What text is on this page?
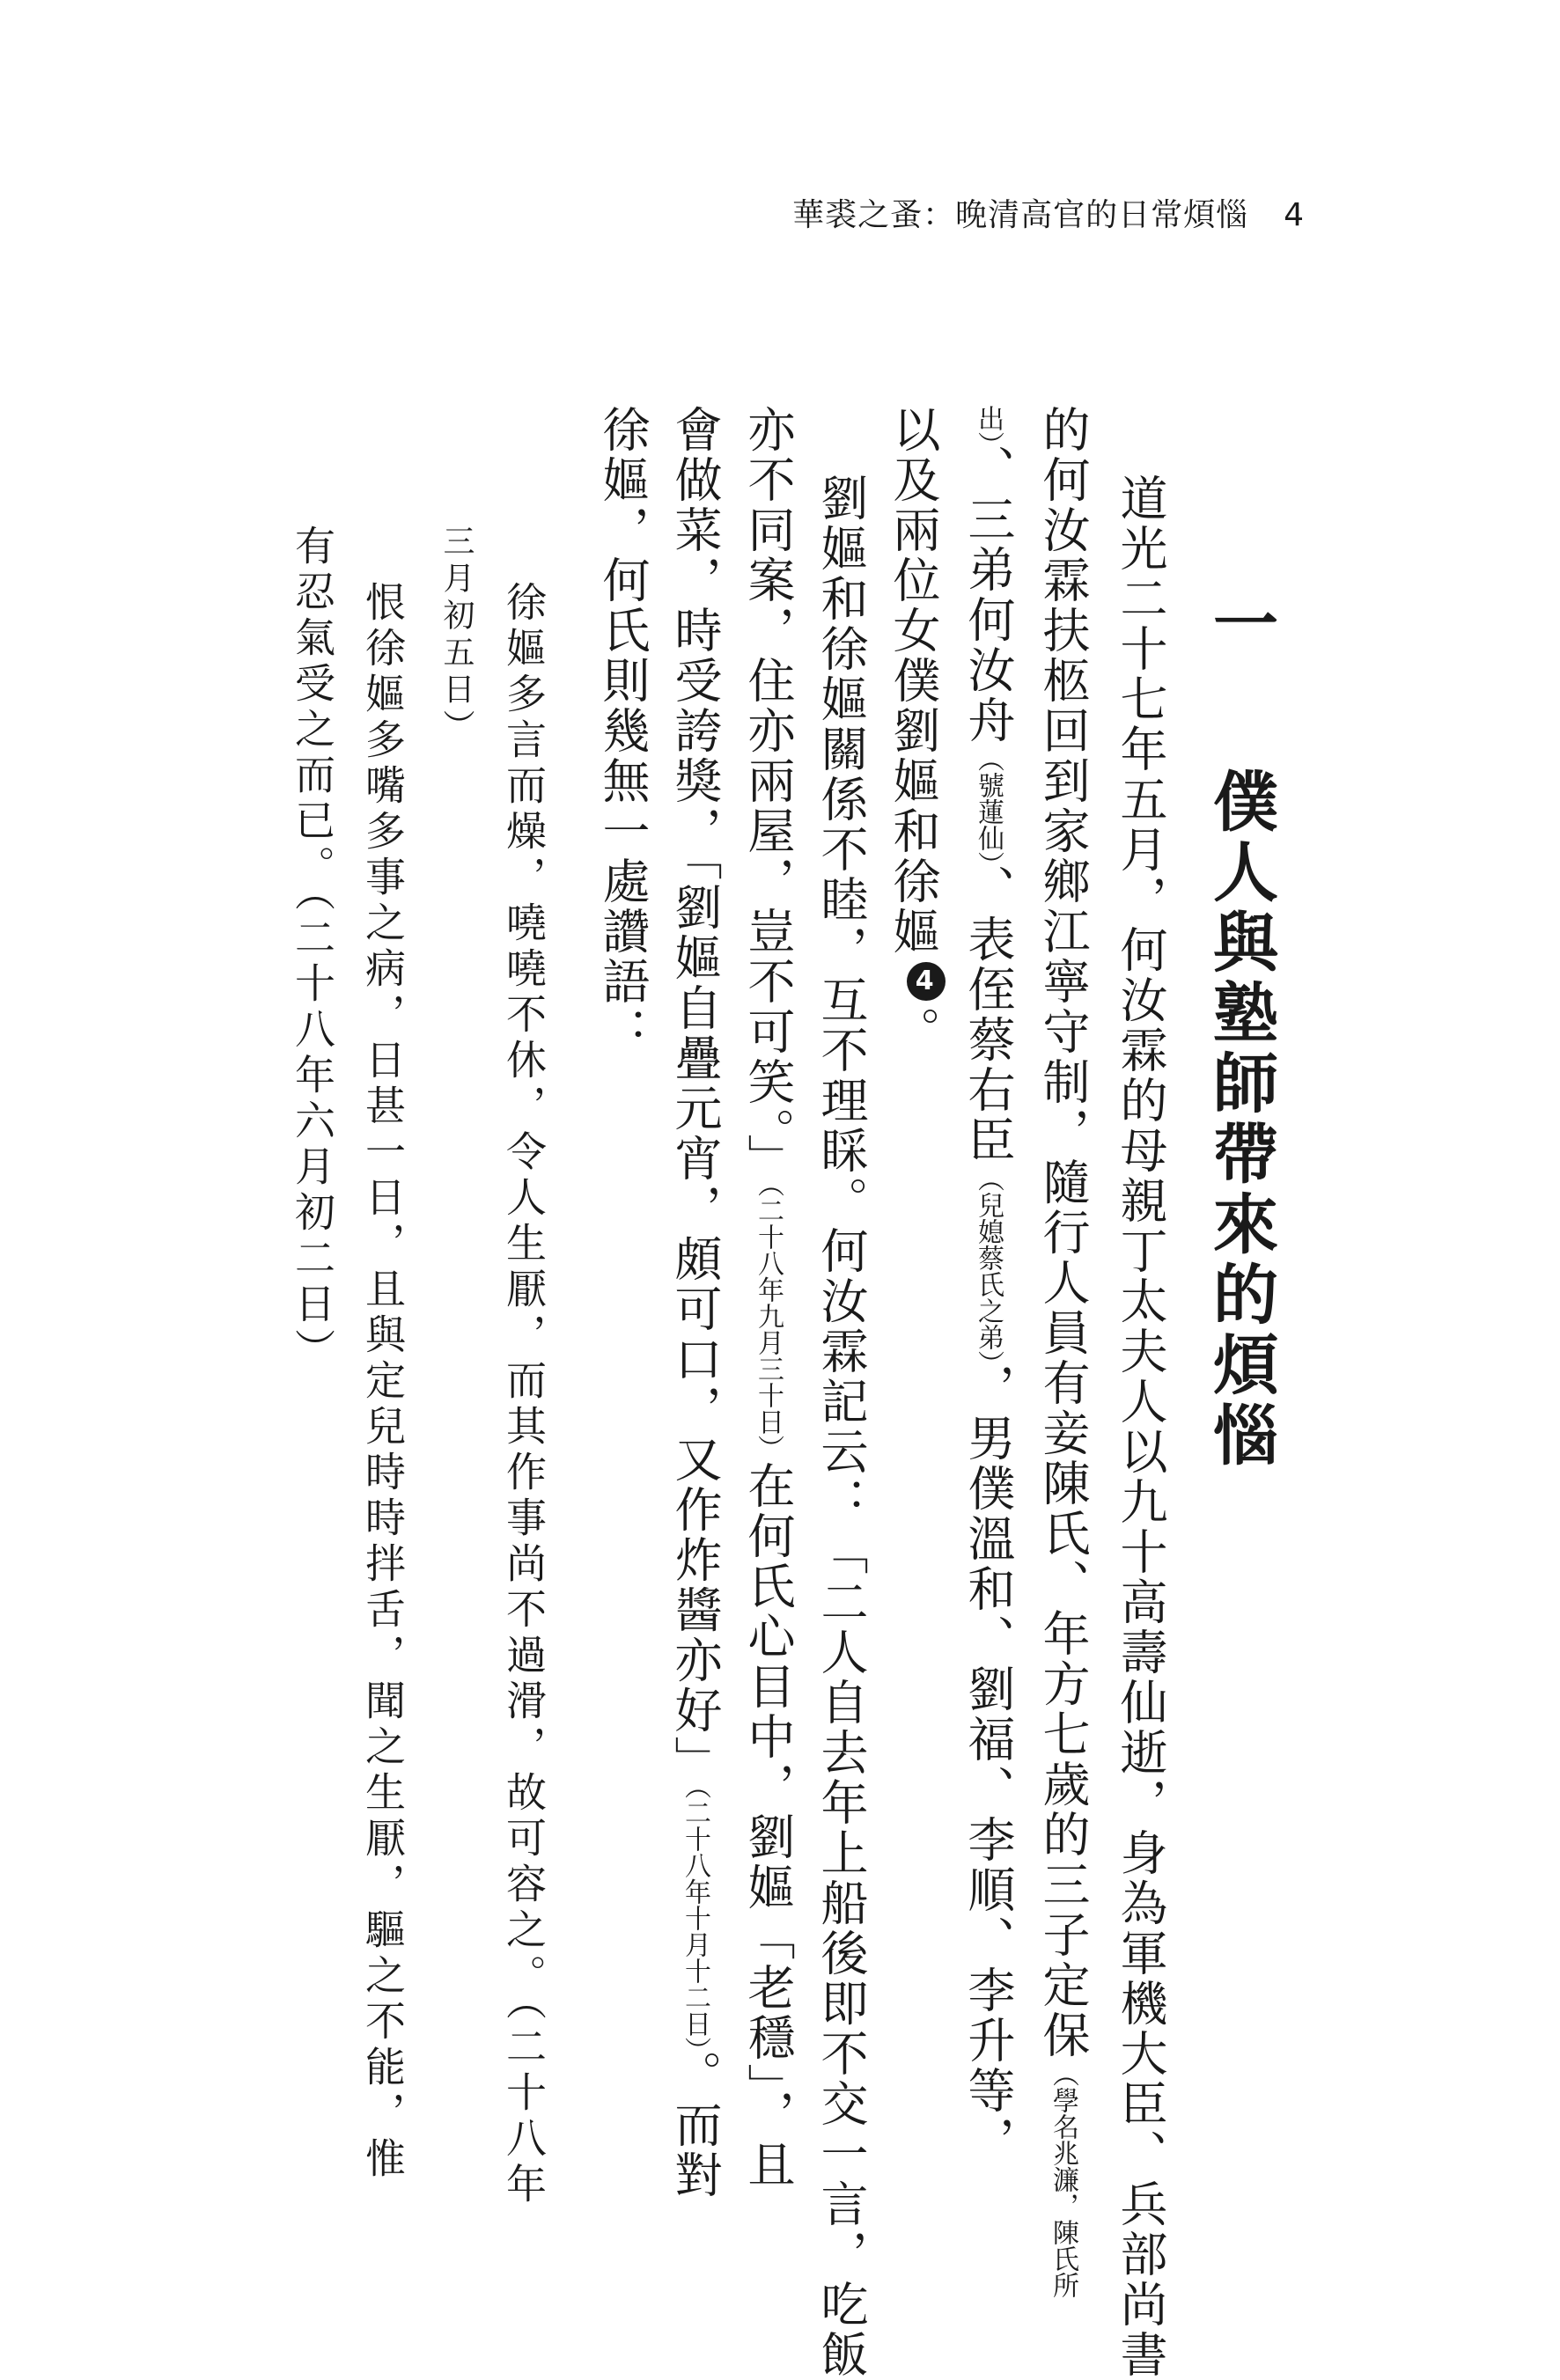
華裘之蚤：晚清高官的日常煩惱 4
一 僕人與塾師帶來的煩惱
道光二十七年五月，何汝霖的母親丁太夫人以九十高壽仙逝，身為軍機大臣、兵部尚書
的何汝霖扶柩回到家鄉江寧守制，隨行人員有妾陳氏、年方七歲的三子定保（學名兆濂，陳氏所
出）、三弟何汝舟（號蓮仙）、表侄蔡右臣（兒媳蔡氏之弟），男僕溫和、劉福、李順、李升等，
以及兩位女僕劉嫗和徐嫗4。
劉嫗和徐嫗關係不睦，互不理睬。何汝霖記云：「二人自去年上船後即不交一言，吃飯
亦不同案，住亦兩屋，豈不可笑。」（二十八年九月三十日）在何氏心目中，劉嫗「老穩」，且
會做菜，時受誇獎，「劉嫗自疊元宵，頗可口，又作炸醬亦好」（二十八年十月十二日）。而對
徐嫗，何氏則幾無一處讚語：
徐嫗多言而燥，嘵嘵不休，令人生厭，而其作事尚不過滑，故可容之。（二十八年
三月初五日）
恨徐嫗多嘴多事之病，日甚一日，且與定兒時時拌舌，聞之生厭，驅之不能，惟
有忍氣受之而已。（二十八年六月初二日）
